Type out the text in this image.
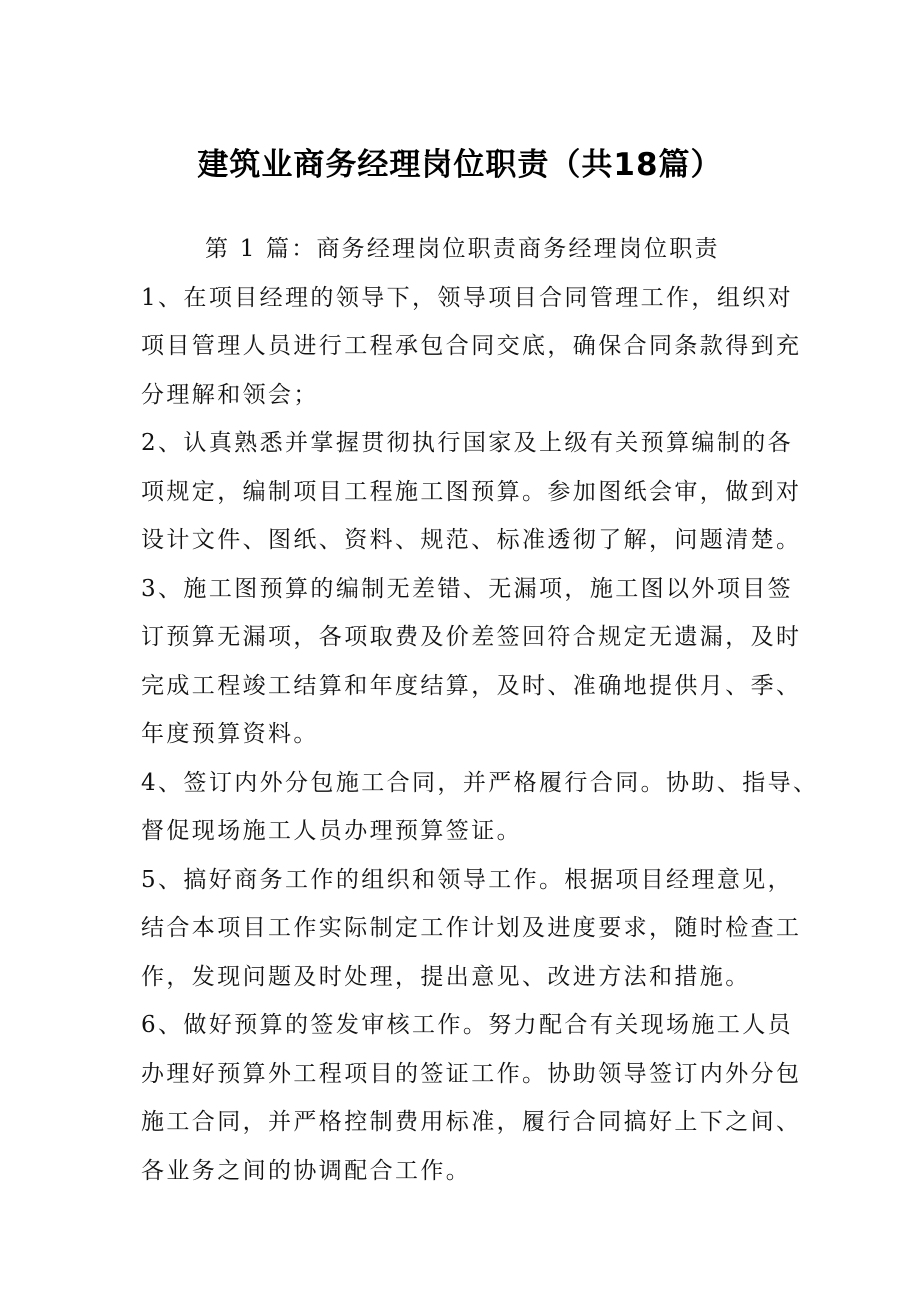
建筑业商务经理岗位职责（共18篇）
第 1 篇：商务经理岗位职责商务经理岗位职责
1、在项目经理的领导下，领导项目合同管理工作，组织对
项目管理人员进行工程承包合同交底，确保合同条款得到充
分理解和领会；
2、认真熟悉并掌握贯彻执行国家及上级有关预算编制的各
项规定，编制项目工程施工图预算。参加图纸会审，做到对
设计文件、图纸、资料、规范、标准透彻了解，问题清楚。
3、施工图预算的编制无差错、无漏项，施工图以外项目签
订预算无漏项，各项取费及价差签回符合规定无遗漏，及时
完成工程竣工结算和年度结算，及时、准确地提供月、季、
年度预算资料。
4、签订内外分包施工合同，并严格履行合同。协助、指导、
督促现场施工人员办理预算签证。
5、搞好商务工作的组织和领导工作。根据项目经理意见，
结合本项目工作实际制定工作计划及进度要求，随时检查工
作，发现问题及时处理，提出意见、改进方法和措施。
6、做好预算的签发审核工作。努力配合有关现场施工人员
办理好预算外工程项目的签证工作。协助领导签订内外分包
施工合同，并严格控制费用标准，履行合同搞好上下之间、
各业务之间的协调配合工作。
